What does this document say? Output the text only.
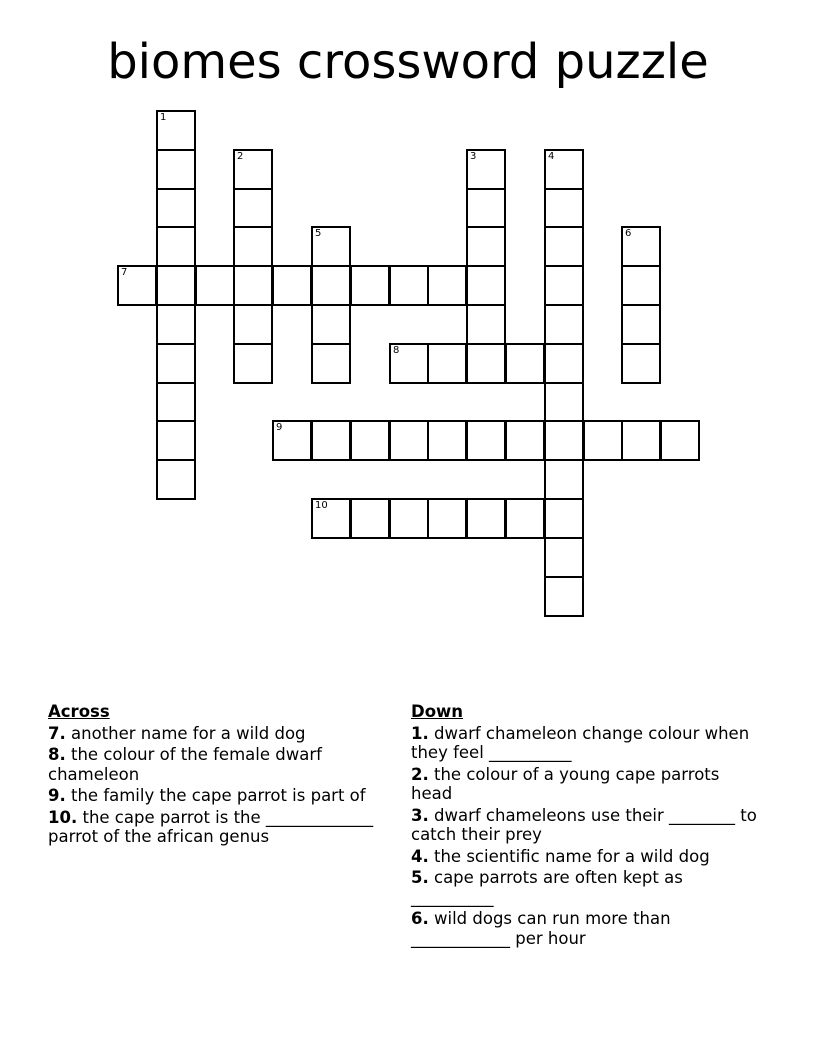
biomes crossword puzzle
1
2	3	4
5	6
7
8
9
10
Across
7. another name for a wild dog
8. the colour of the female dwarf chameleon
9. the family the cape parrot is part of
10. the cape parrot is the _____________ parrot of the african genus
Down
1. dwarf chameleon change colour when they feel __________
2. the colour of a young cape parrots head
3. dwarf chameleons use their ________ to catch their prey
4. the scientific name for a wild dog
5. cape parrots are often kept as __________
6. wild dogs can run more than ____________ per hour
